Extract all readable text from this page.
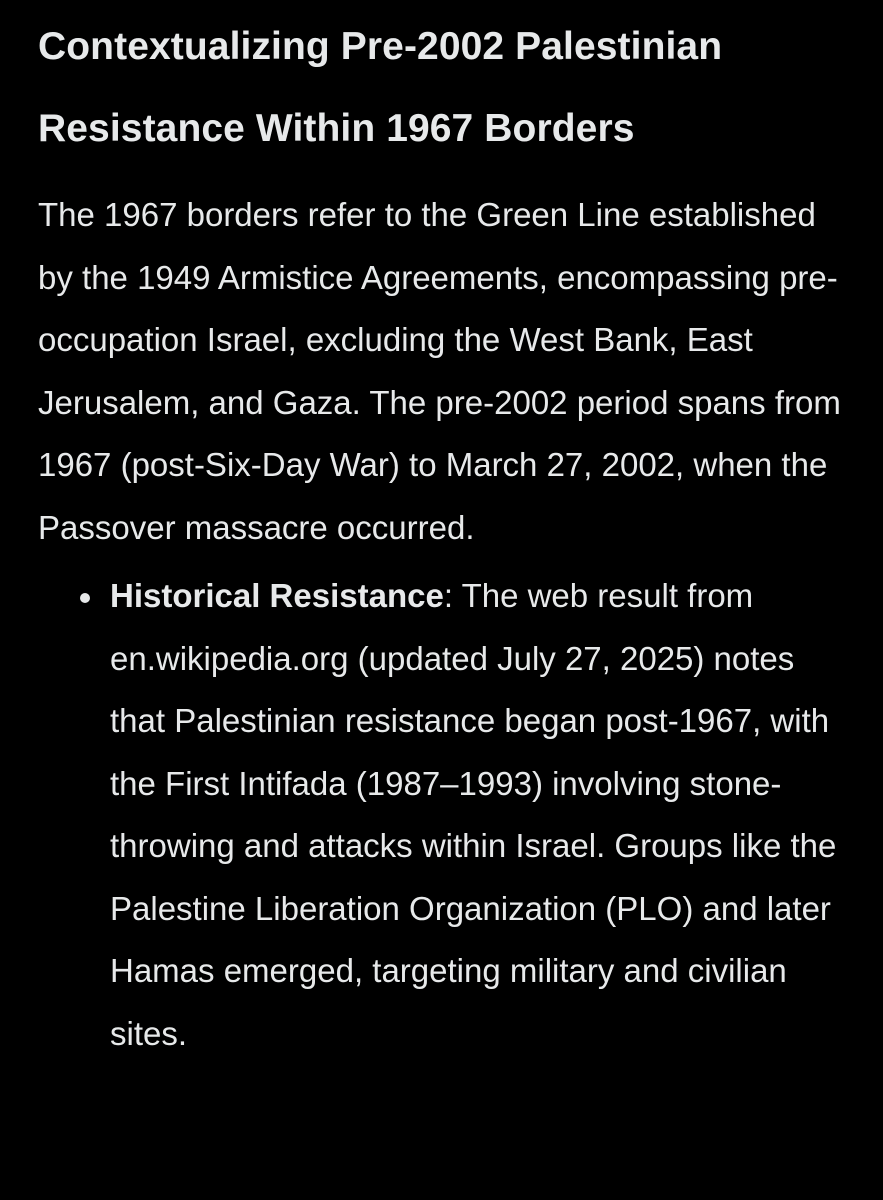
Contextualizing Pre-2002 Palestinian Resistance Within 1967 Borders

The 1967 borders refer to the Green Line established by the 1949 Armistice Agreements, encompassing pre-occupation Israel, excluding the West Bank, East Jerusalem, and Gaza. The pre-2002 period spans from 1967 (post-Six-Day War) to March 27, 2002, when the Passover massacre occurred.

Historical Resistance: The web result from en.wikipedia.org (updated July 27, 2025) notes that Palestinian resistance began post-1967, with the First Intifada (1987–1993) involving stone-throwing and attacks within Israel. Groups like the Palestine Liberation Organization (PLO) and later Hamas emerged, targeting military and civilian sites.
